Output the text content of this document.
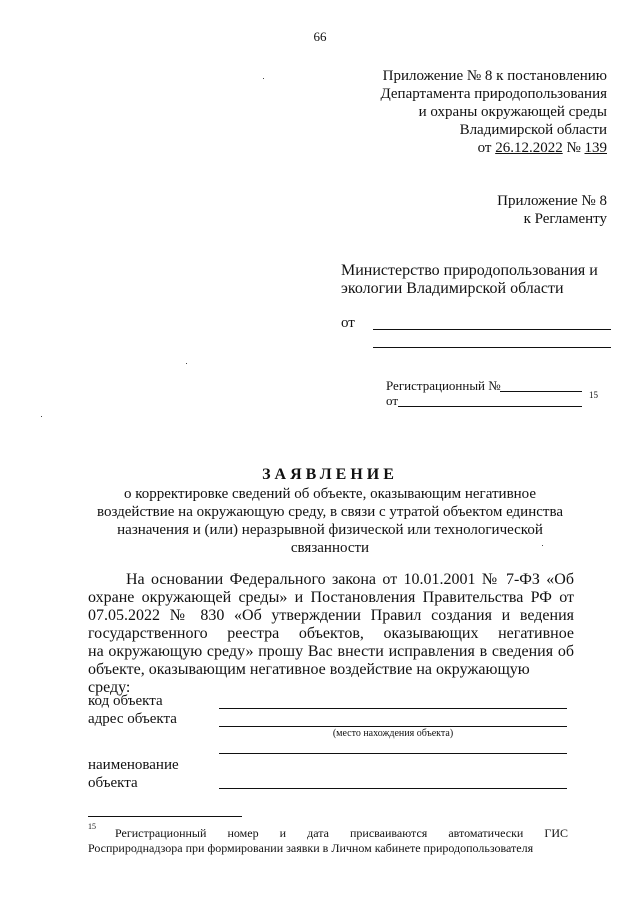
66
Приложение № 8 к постановлению
Департамента природопользования
и охраны окружающей среды
Владимирской области
от 26.12.2022 № 139
Приложение № 8
к Регламенту
Министерство природопользования и
экологии Владимирской области
от
Регистрационный №
от	15
ЗАЯВЛЕНИЕ
о корректировке сведений об объекте, оказывающим негативное
воздействие на окружающую среду, в связи с утратой объектом единства
назначения и (или) неразрывной физической или технологической
связанности
На основании Федерального закона от 10.01.2001 № 7-ФЗ «Об
охране окружающей среды» и Постановления Правительства РФ от
07.05.2022 № 830 «Об утверждении Правил создания и ведения
государственного реестра объектов, оказывающих негативное
на окружающую среду» прошу Вас внести исправления в сведения об
объекте, оказывающим негативное воздействие на окружающую среду:
код объекта
адрес объекта
(место нахождения объекта)
наименование
объекта
15	Регистрационный номер и дата присваиваются автоматически ГИС
Росприроднадзора при формировании заявки в Личном кабинете природопользователя
